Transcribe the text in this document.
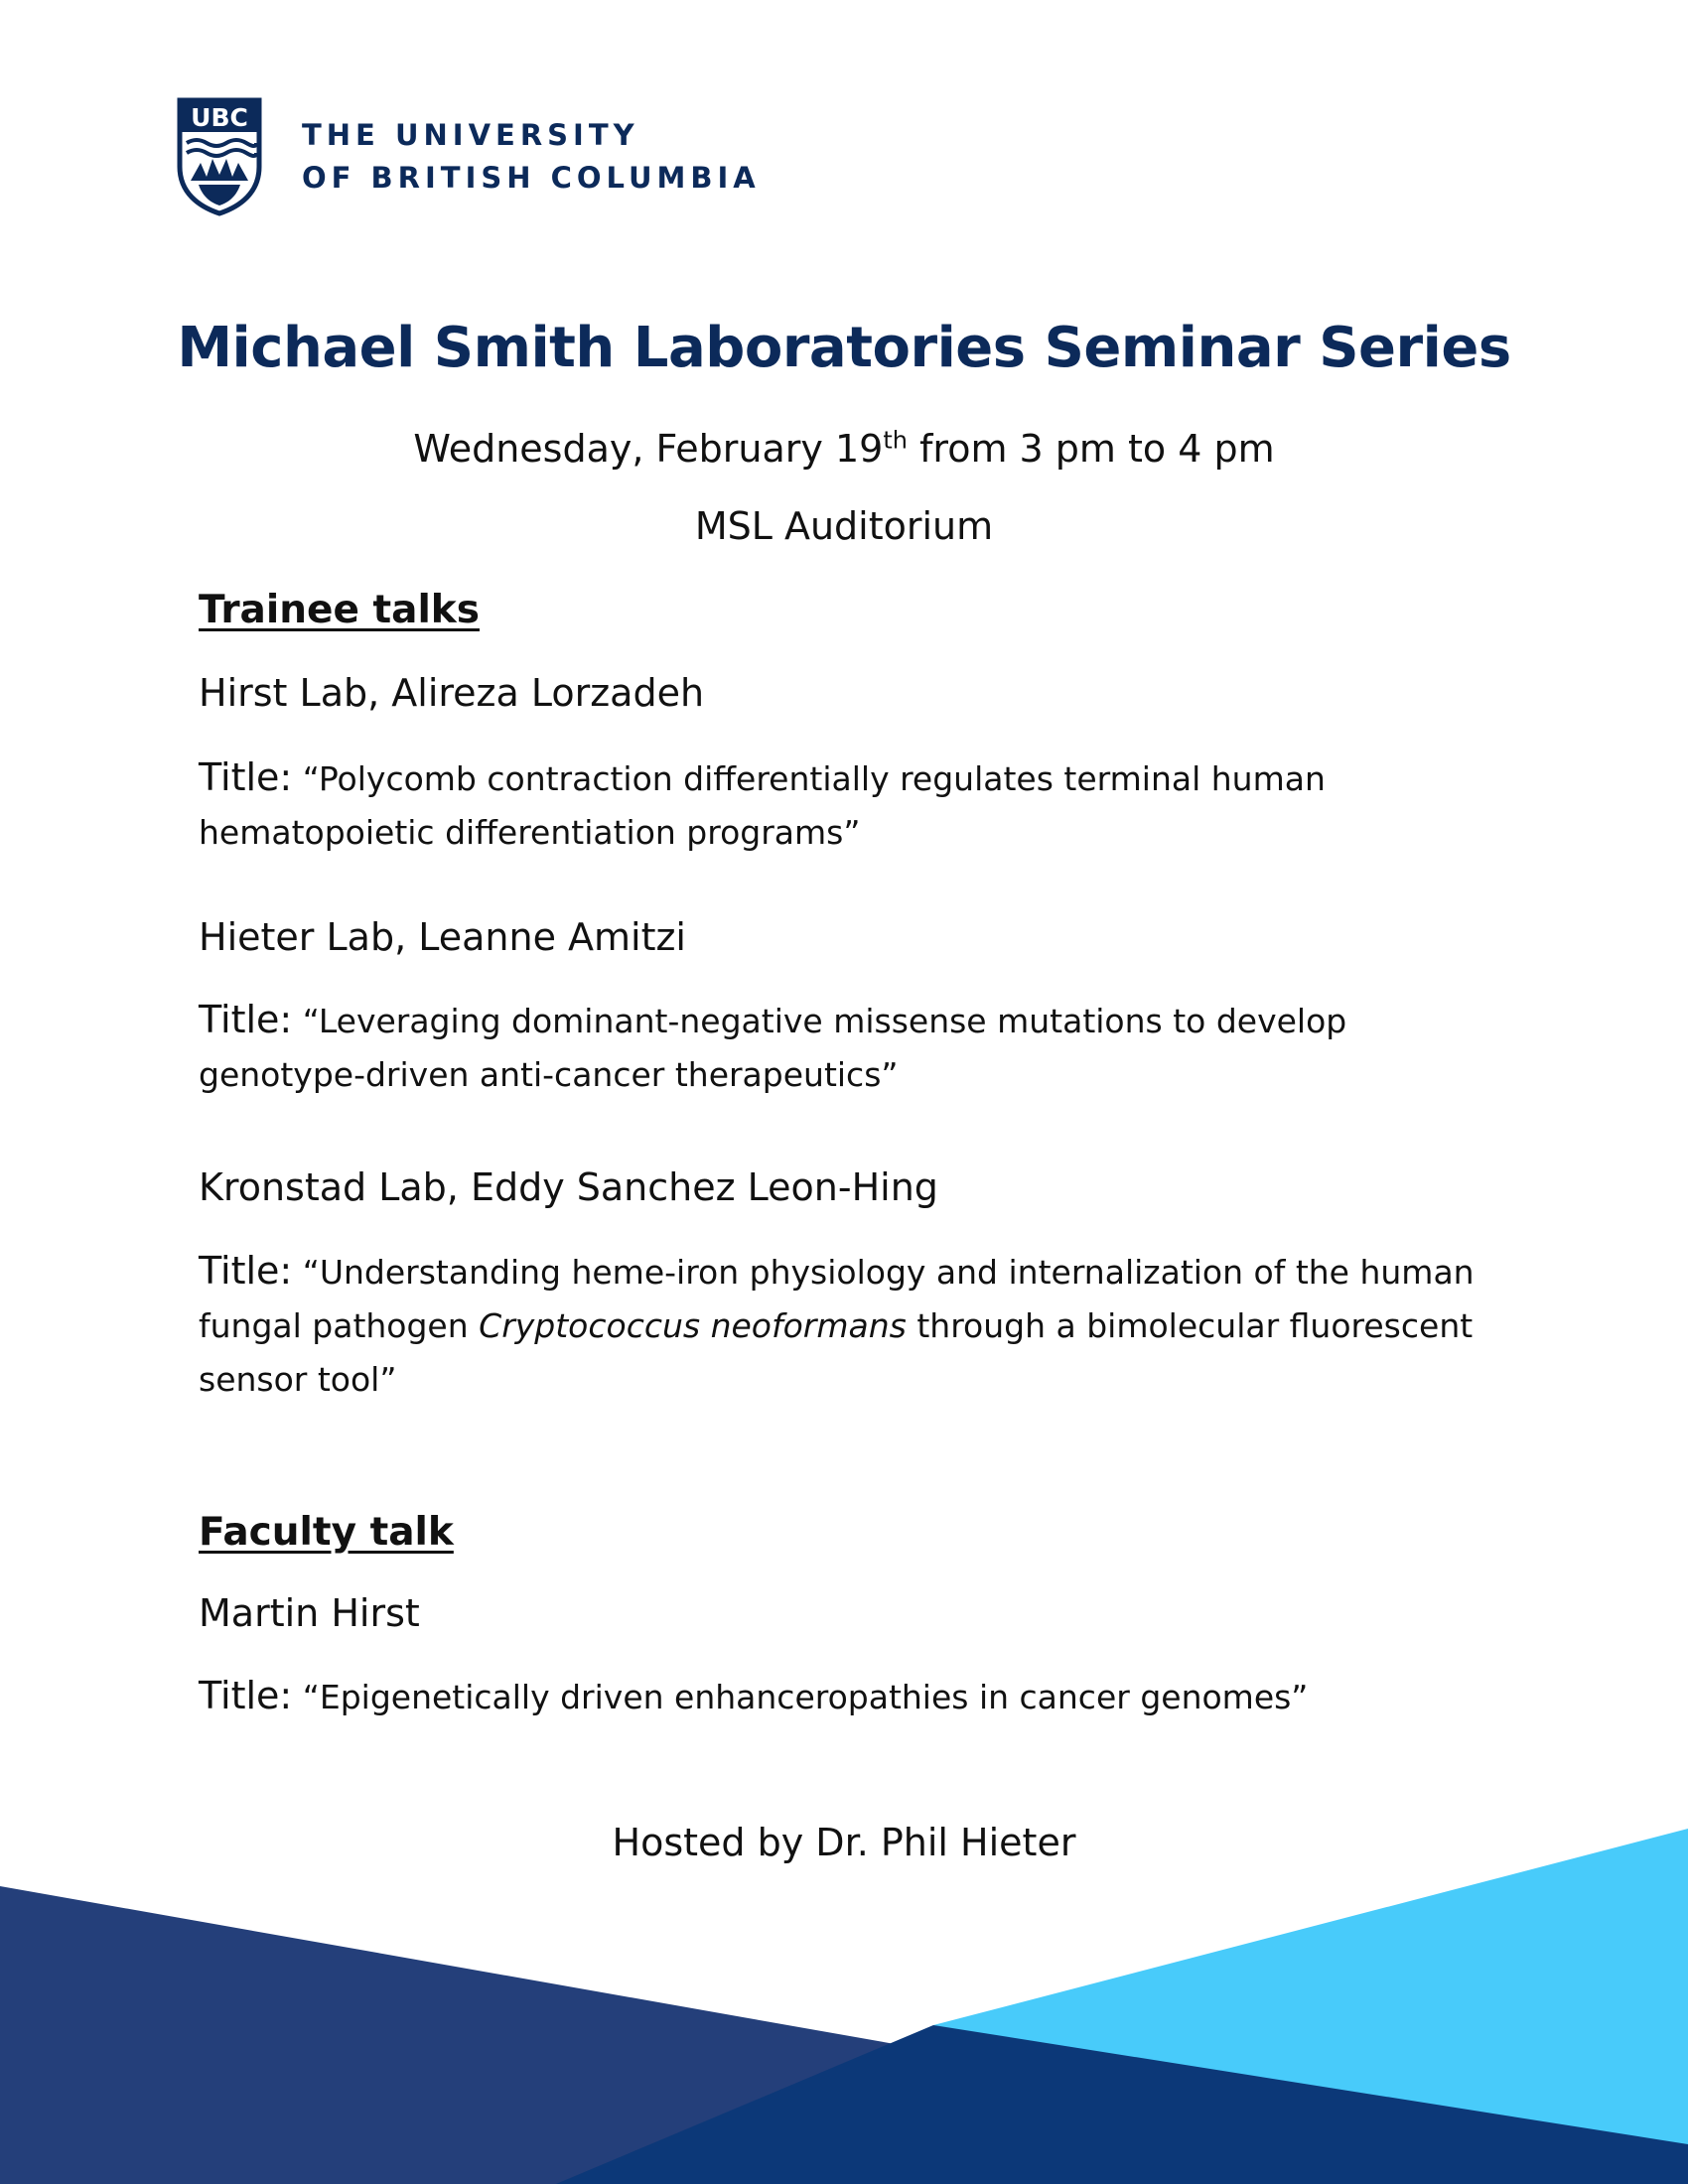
UBC
THE UNIVERSITY
OF BRITISH COLUMBIA
Michael Smith Laboratories Seminar Series
Wednesday, February 19th from 3 pm to 4 pm
MSL Auditorium
Trainee talks
Hirst Lab, Alireza Lorzadeh
Title: “Polycomb contraction differentially regulates terminal human hematopoietic differentiation programs”
Hieter Lab, Leanne Amitzi
Title: “Leveraging dominant-negative missense mutations to develop genotype-driven anti-cancer therapeutics”
Kronstad Lab, Eddy Sanchez Leon-Hing
Title: “Understanding heme-iron physiology and internalization of the human fungal pathogen Cryptococcus neoformans through a bimolecular fluorescent sensor tool”
Faculty talk
Martin Hirst
Title: “Epigenetically driven enhanceropathies in cancer genomes”
Hosted by Dr. Phil Hieter
